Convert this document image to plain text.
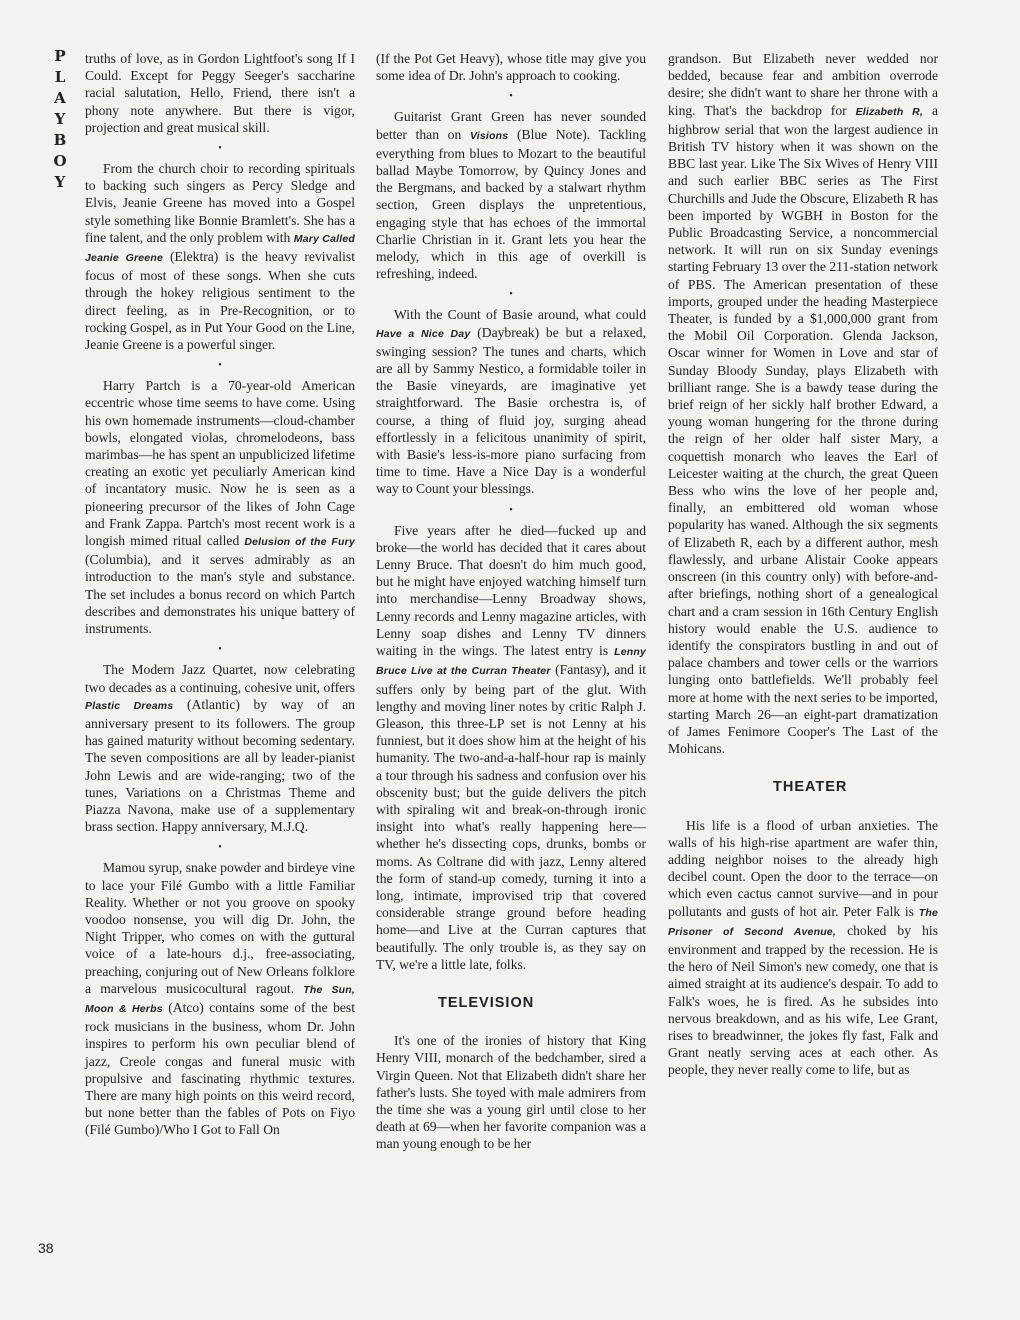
P
L
A
Y
B
O
Y
38

truths of love, as in Gordon Lightfoot's song If I Could. Except for Peggy Seeger's saccharine racial salutation, Hello, Friend, there isn't a phony note anywhere. But there is vigor, projection and great musical skill.

•

From the church choir to recording spirituals to backing such singers as Percy Sledge and Elvis, Jeanie Greene has moved into a Gospel style something like Bonnie Bramlett's. She has a fine talent, and the only problem with Mary Called Jeanie Greene (Elektra) is the heavy revivalist focus of most of these songs. When she cuts through the hokey religious sentiment to the direct feeling, as in Pre-Recognition, or to rocking Gospel, as in Put Your Good on the Line, Jeanie Greene is a powerful singer.

•

Harry Partch is a 70-year-old American eccentric whose time seems to have come. Using his own homemade instruments—cloud-chamber bowls, elongated violas, chromelodeons, bass marimbas—he has spent an unpublicized lifetime creating an exotic yet peculiarly American kind of incantatory music. Now he is seen as a pioneering precursor of the likes of John Cage and Frank Zappa. Partch's most recent work is a longish mimed ritual called Delusion of the Fury (Columbia), and it serves admirably as an introduction to the man's style and substance. The set includes a bonus record on which Partch describes and demonstrates his unique battery of instruments.

•

The Modern Jazz Quartet, now celebrating two decades as a continuing, cohesive unit, offers Plastic Dreams (Atlantic) by way of an anniversary present to its followers. The group has gained maturity without becoming sedentary. The seven compositions are all by leader-pianist John Lewis and are wide-ranging; two of the tunes, Variations on a Christmas Theme and Piazza Navona, make use of a supplementary brass section. Happy anniversary, M.J.Q.

•

Mamou syrup, snake powder and birdeye vine to lace your Filé Gumbo with a little Familiar Reality. Whether or not you groove on spooky voodoo nonsense, you will dig Dr. John, the Night Tripper, who comes on with the guttural voice of a late-hours d.j., free-associating, preaching, conjuring out of New Orleans folklore a marvelous musicocultural ragout. The Sun, Moon & Herbs (Atco) contains some of the best rock musicians in the business, whom Dr. John inspires to perform his own peculiar blend of jazz, Creole congas and funeral music with propulsive and fascinating rhythmic textures. There are many high points on this weird record, but none better than the fables of Pots on Fiyo (Filé Gumbo)/Who I Got to Fall On

(If the Pot Get Heavy), whose title may give you some idea of Dr. John's approach to cooking.

•

Guitarist Grant Green has never sounded better than on Visions (Blue Note). Tackling everything from blues to Mozart to the beautiful ballad Maybe Tomorrow, by Quincy Jones and the Bergmans, and backed by a stalwart rhythm section, Green displays the unpretentious, engaging style that has echoes of the immortal Charlie Christian in it. Grant lets you hear the melody, which in this age of overkill is refreshing, indeed.

•

With the Count of Basie around, what could Have a Nice Day (Daybreak) be but a relaxed, swinging session? The tunes and charts, which are all by Sammy Nestico, a formidable toiler in the Basie vineyards, are imaginative yet straightforward. The Basie orchestra is, of course, a thing of fluid joy, surging ahead effortlessly in a felicitous unanimity of spirit, with Basie's less-is-more piano surfacing from time to time. Have a Nice Day is a wonderful way to Count your blessings.

•

Five years after he died—fucked up and broke—the world has decided that it cares about Lenny Bruce. That doesn't do him much good, but he might have enjoyed watching himself turn into merchandise—Lenny Broadway shows, Lenny records and Lenny magazine articles, with Lenny soap dishes and Lenny TV dinners waiting in the wings. The latest entry is Lenny Bruce Live at the Curran Theater (Fantasy), and it suffers only by being part of the glut. With lengthy and moving liner notes by critic Ralph J. Gleason, this three-LP set is not Lenny at his funniest, but it does show him at the height of his humanity. The two-and-a-half-hour rap is mainly a tour through his sadness and confusion over his obscenity bust; but the guide delivers the pitch with spiraling wit and break-on-through ironic insight into what's really happening here—whether he's dissecting cops, drunks, bombs or moms. As Coltrane did with jazz, Lenny altered the form of stand-up comedy, turning it into a long, intimate, improvised trip that covered considerable strange ground before heading home—and Live at the Curran captures that beautifully. The only trouble is, as they say on TV, we're a little late, folks.

TELEVISION

It's one of the ironies of history that King Henry VIII, monarch of the bedchamber, sired a Virgin Queen. Not that Elizabeth didn't share her father's lusts. She toyed with male admirers from the time she was a young girl until close to her death at 69—when her favorite companion was a man young enough to be her

grandson. But Elizabeth never wedded nor bedded, because fear and ambition overrode desire; she didn't want to share her throne with a king. That's the backdrop for Elizabeth R, a highbrow serial that won the largest audience in British TV history when it was shown on the BBC last year. Like The Six Wives of Henry VIII and such earlier BBC series as The First Churchills and Jude the Obscure, Elizabeth R has been imported by WGBH in Boston for the Public Broadcasting Service, a noncommercial network. It will run on six Sunday evenings starting February 13 over the 211-station network of PBS. The American presentation of these imports, grouped under the heading Masterpiece Theater, is funded by a $1,000,000 grant from the Mobil Oil Corporation. Glenda Jackson, Oscar winner for Women in Love and star of Sunday Bloody Sunday, plays Elizabeth with brilliant range. She is a bawdy tease during the brief reign of her sickly half brother Edward, a young woman hungering for the throne during the reign of her older half sister Mary, a coquettish monarch who leaves the Earl of Leicester waiting at the church, the great Queen Bess who wins the love of her people and, finally, an embittered old woman whose popularity has waned. Although the six segments of Elizabeth R, each by a different author, mesh flawlessly, and urbane Alistair Cooke appears onscreen (in this country only) with before-and-after briefings, nothing short of a genealogical chart and a cram session in 16th Century English history would enable the U.S. audience to identify the conspirators bustling in and out of palace chambers and tower cells or the warriors lunging onto battlefields. We'll probably feel more at home with the next series to be imported, starting March 26—an eight-part dramatization of James Fenimore Cooper's The Last of the Mohicans.

THEATER

His life is a flood of urban anxieties. The walls of his high-rise apartment are wafer thin, adding neighbor noises to the already high decibel count. Open the door to the terrace—on which even cactus cannot survive—and in pour pollutants and gusts of hot air. Peter Falk is The Prisoner of Second Avenue, choked by his environment and trapped by the recession. He is the hero of Neil Simon's new comedy, one that is aimed straight at its audience's despair. To add to Falk's woes, he is fired. As he subsides into nervous breakdown, and as his wife, Lee Grant, rises to breadwinner, the jokes fly fast, Falk and Grant neatly serving aces at each other. As people, they never really come to life, but as
